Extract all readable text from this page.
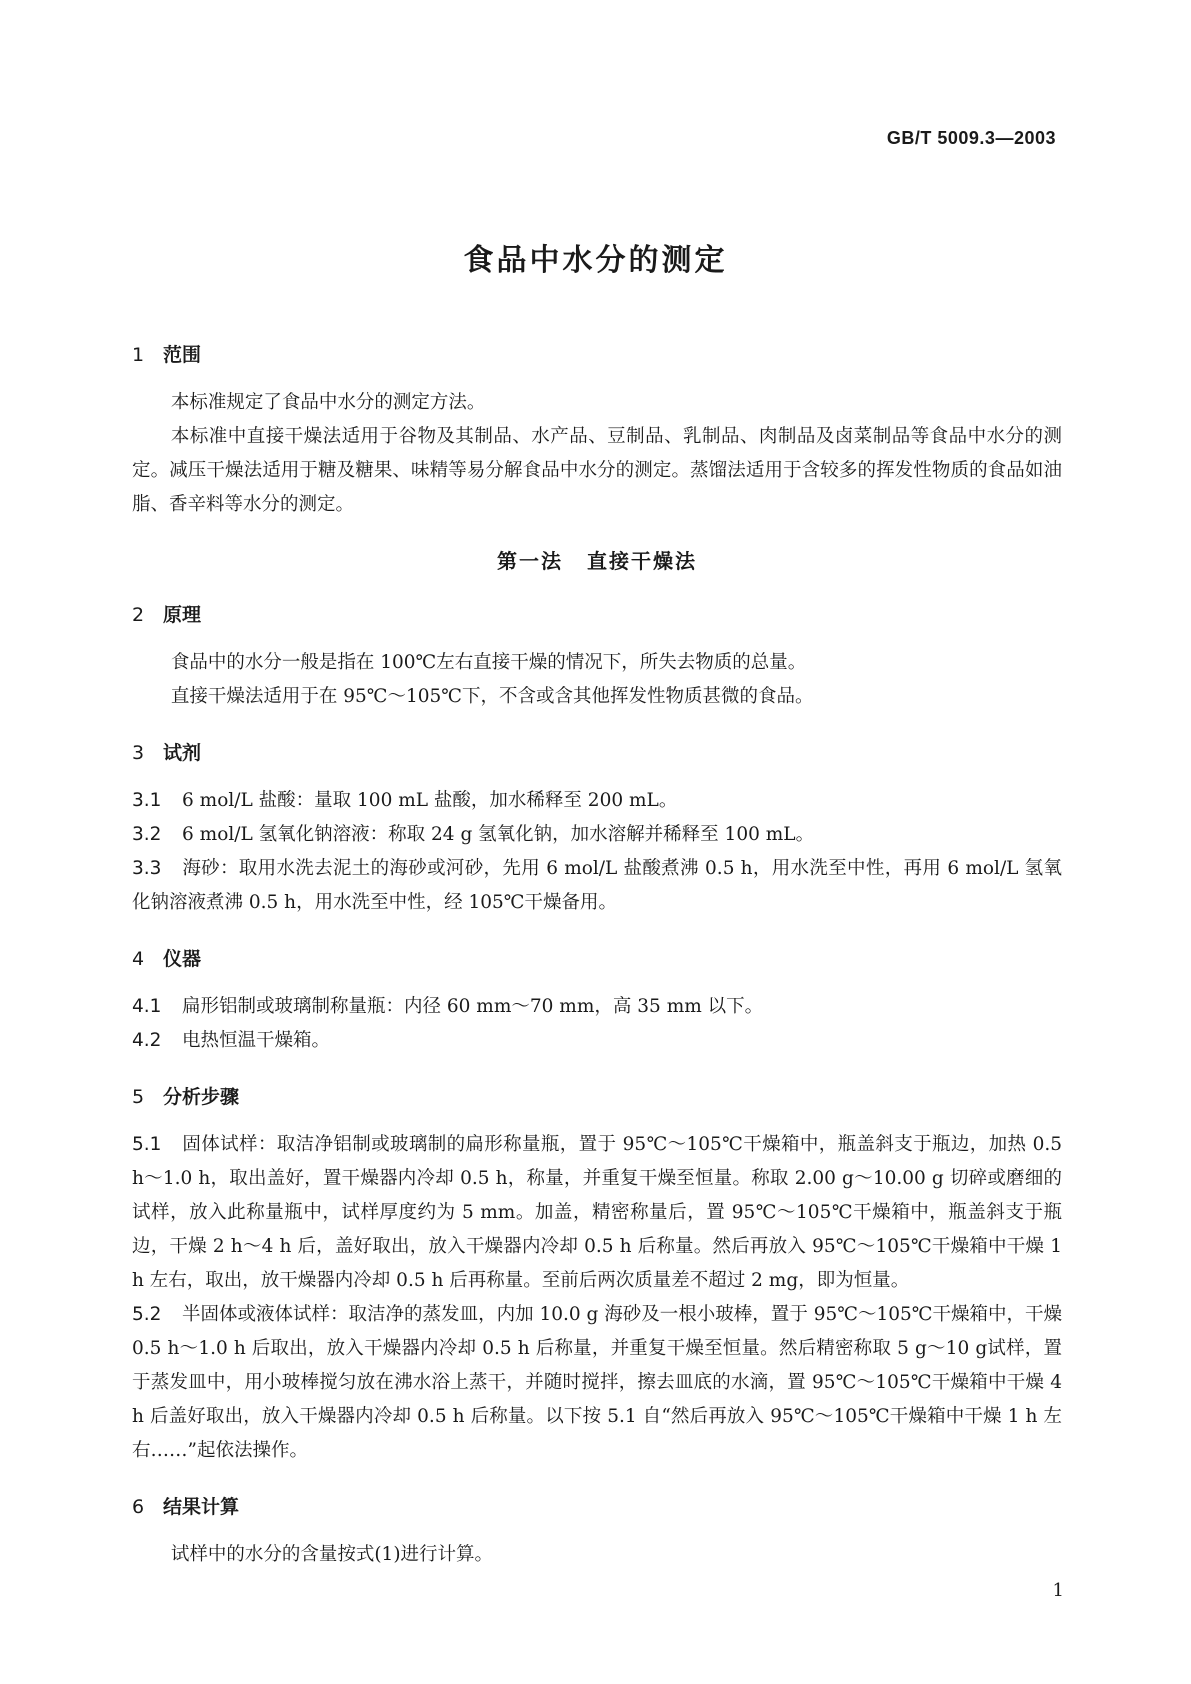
GB/T 5009.3—2003
食品中水分的测定
1 范围
本标准规定了食品中水分的测定方法。
本标准中直接干燥法适用于谷物及其制品、水产品、豆制品、乳制品、肉制品及卤菜制品等食品中水分的测定。减压干燥法适用于糖及糖果、味精等易分解食品中水分的测定。蒸馏法适用于含较多的挥发性物质的食品如油脂、香辛料等水分的测定。
第一法 直接干燥法
2 原理
食品中的水分一般是指在 100℃左右直接干燥的情况下，所失去物质的总量。
直接干燥法适用于在 95℃～105℃下，不含或含其他挥发性物质甚微的食品。
3 试剂
3.1 6 mol/L 盐酸：量取 100 mL 盐酸，加水稀释至 200 mL。
3.2 6 mol/L 氢氧化钠溶液：称取 24 g 氢氧化钠，加水溶解并稀释至 100 mL。
3.3 海砂：取用水洗去泥土的海砂或河砂，先用 6 mol/L 盐酸煮沸 0.5 h，用水洗至中性，再用 6 mol/L 氢氧化钠溶液煮沸 0.5 h，用水洗至中性，经 105℃干燥备用。
4 仪器
4.1 扁形铝制或玻璃制称量瓶：内径 60 mm～70 mm，高 35 mm 以下。
4.2 电热恒温干燥箱。
5 分析步骤
5.1 固体试样：取洁净铝制或玻璃制的扁形称量瓶，置于 95℃～105℃干燥箱中，瓶盖斜支于瓶边，加热 0.5 h～1.0 h，取出盖好，置干燥器内冷却 0.5 h，称量，并重复干燥至恒量。称取 2.00 g～10.00 g 切碎或磨细的试样，放入此称量瓶中，试样厚度约为 5 mm。加盖，精密称量后，置 95℃～105℃干燥箱中，瓶盖斜支于瓶边，干燥 2 h～4 h 后，盖好取出，放入干燥器内冷却 0.5 h 后称量。然后再放入 95℃～105℃干燥箱中干燥 1 h 左右，取出，放干燥器内冷却 0.5 h 后再称量。至前后两次质量差不超过 2 mg，即为恒量。
5.2 半固体或液体试样：取洁净的蒸发皿，内加 10.0 g 海砂及一根小玻棒，置于 95℃～105℃干燥箱中，干燥 0.5 h～1.0 h 后取出，放入干燥器内冷却 0.5 h 后称量，并重复干燥至恒量。然后精密称取 5 g～10 g试样，置于蒸发皿中，用小玻棒搅匀放在沸水浴上蒸干，并随时搅拌，擦去皿底的水滴，置 95℃～105℃干燥箱中干燥 4 h 后盖好取出，放入干燥器内冷却 0.5 h 后称量。以下按 5.1 自“然后再放入 95℃～105℃干燥箱中干燥 1 h 左右……”起依法操作。
6 结果计算
试样中的水分的含量按式(1)进行计算。
1
